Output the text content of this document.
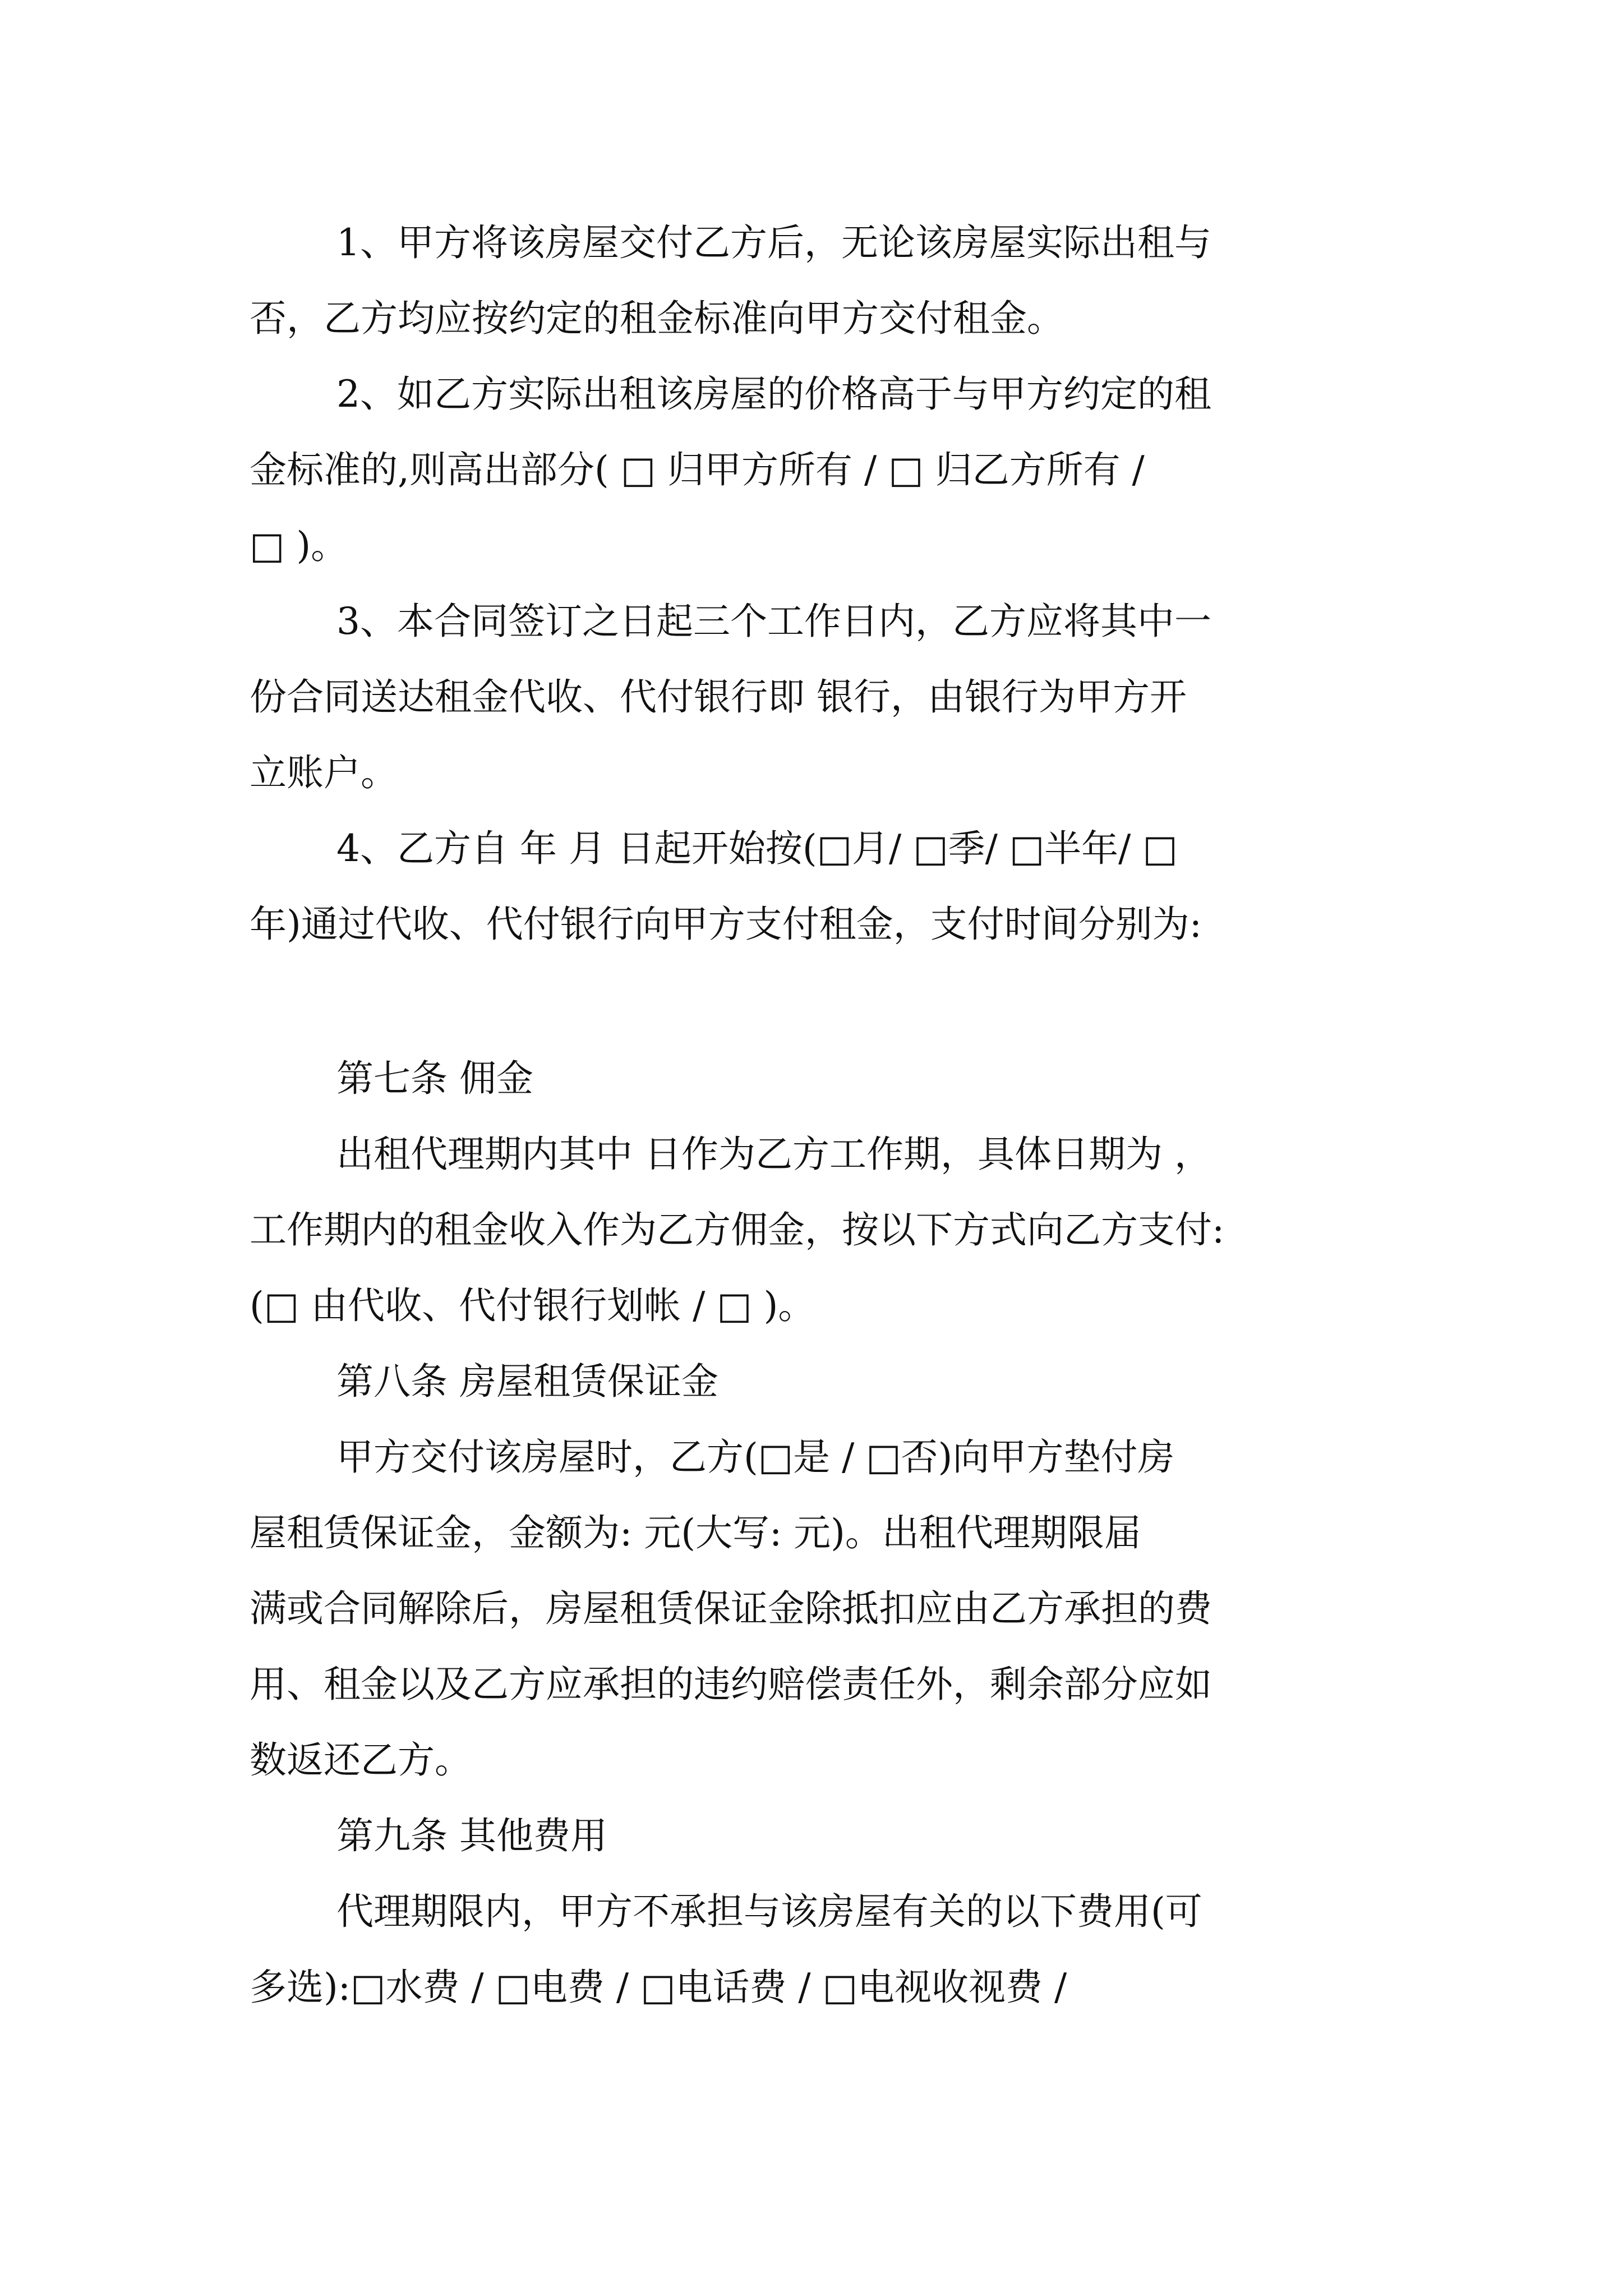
1、甲方将该房屋交付乙方后，无论该房屋实际出租与
否，乙方均应按约定的租金标准向甲方交付租金。
2、如乙方实际出租该房屋的价格高于与甲方约定的租
金标准的,则高出部分( □ 归甲方所有 / □ 归乙方所有 /
□ )。
3、本合同签订之日起三个工作日内，乙方应将其中一
份合同送达租金代收、代付银行即 银行，由银行为甲方开
立账户。
4、乙方自 年 月 日起开始按(□月/ □季/ □半年/ □
年)通过代收、代付银行向甲方支付租金，支付时间分别为:
第七条 佣金
出租代理期内其中 日作为乙方工作期，具体日期为 ，
工作期内的租金收入作为乙方佣金，按以下方式向乙方支付:
(□ 由代收、代付银行划帐 / □ )。
第八条 房屋租赁保证金
甲方交付该房屋时，乙方(□是 / □否)向甲方垫付房
屋租赁保证金，金额为: 元(大写: 元)。出租代理期限届
满或合同解除后，房屋租赁保证金除抵扣应由乙方承担的费
用、租金以及乙方应承担的违约赔偿责任外，剩余部分应如
数返还乙方。
第九条 其他费用
代理期限内，甲方不承担与该房屋有关的以下费用(可
多选):□水费 / □电费 / □电话费 / □电视收视费 /
